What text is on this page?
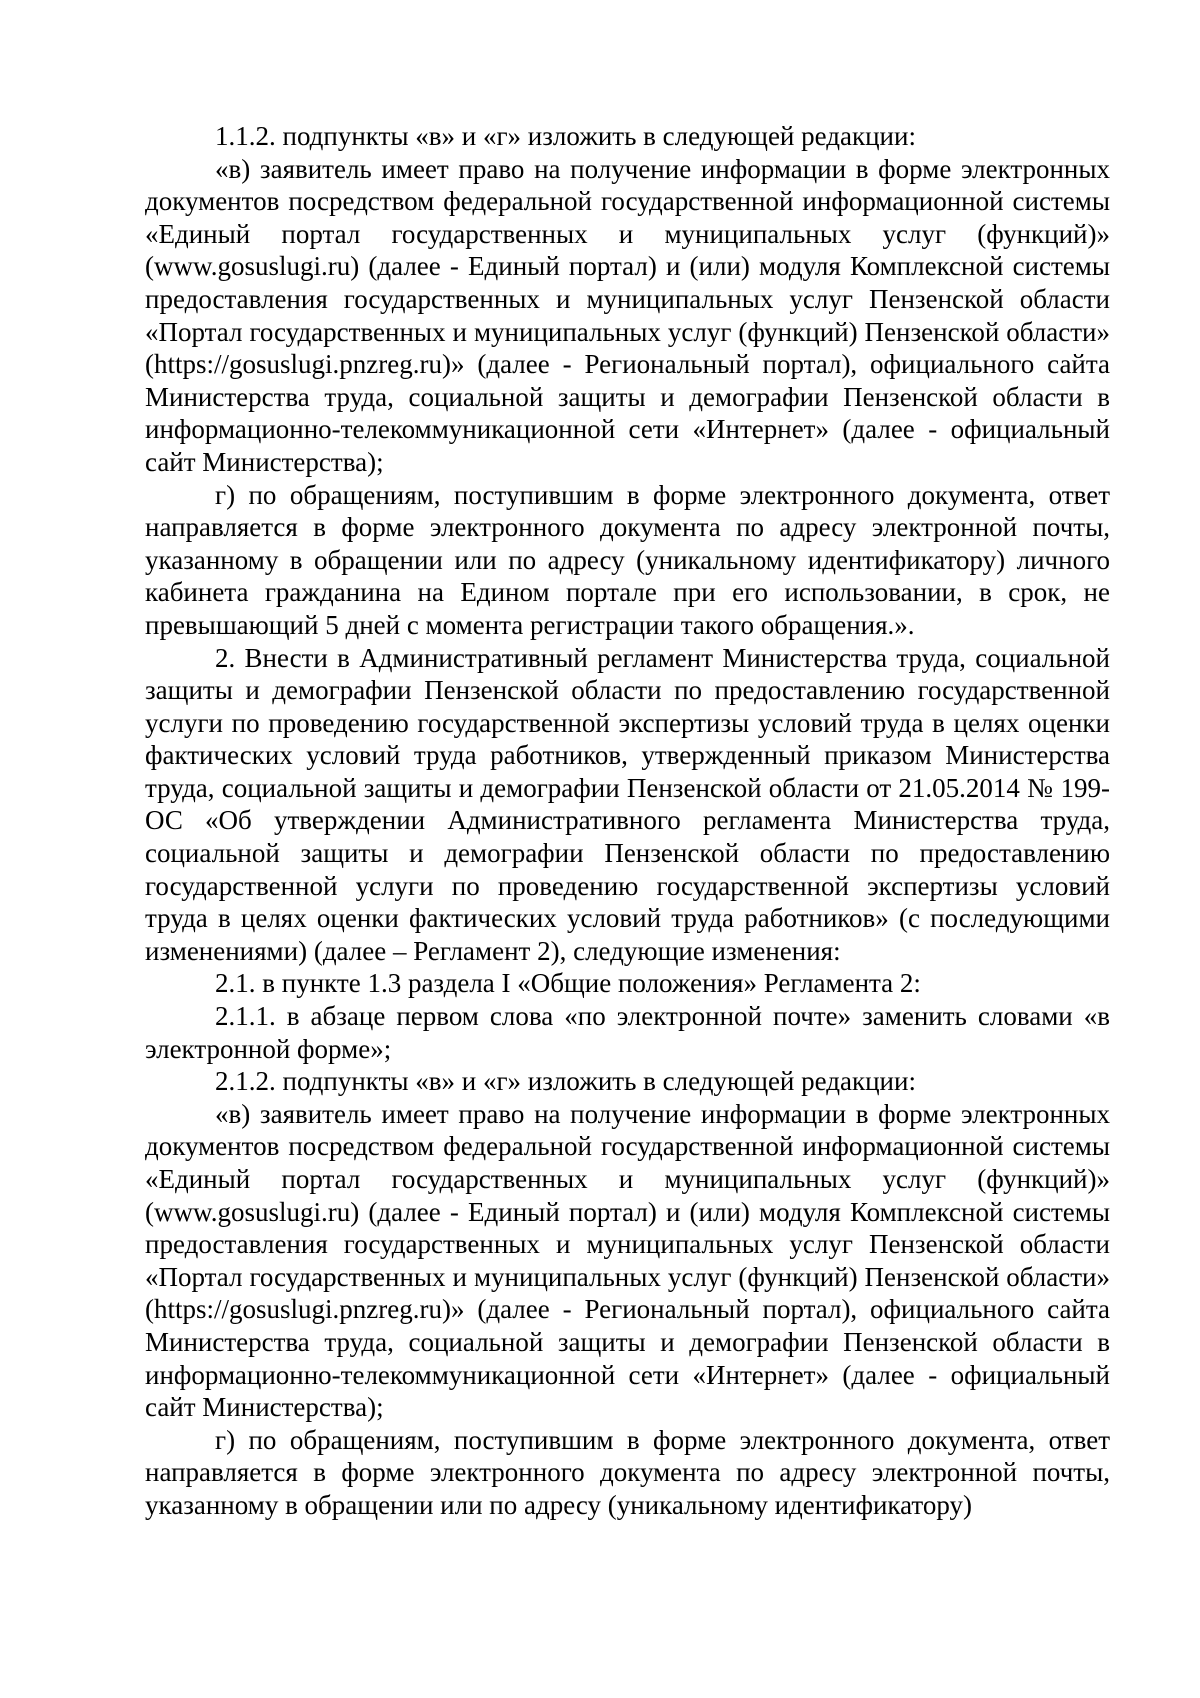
1.1.2. подпункты «в» и «г» изложить в следующей редакции:

«в) заявитель имеет право на получение информации в форме электронных документов посредством федеральной государственной информационной системы «Единый портал государственных и муниципальных услуг (функций)» (www.gosuslugi.ru) (далее - Единый портал) и (или) модуля Комплексной системы предоставления государственных и муниципальных услуг Пензенской области «Портал государственных и муниципальных услуг (функций) Пензенской области» (https://gosuslugi.pnzreg.ru)» (далее - Региональный портал), официального сайта Министерства труда, социальной защиты и демографии Пензенской области в информационно-телекоммуникационной сети «Интернет» (далее - официальный сайт Министерства);

г) по обращениям, поступившим в форме электронного документа, ответ направляется в форме электронного документа по адресу электронной почты, указанному в обращении или по адресу (уникальному идентификатору) личного кабинета гражданина на Едином портале при его использовании, в срок, не превышающий 5 дней с момента регистрации такого обращения.».

2. Внести в Административный регламент Министерства труда, социальной защиты и демографии Пензенской области по предоставлению государственной услуги по проведению государственной экспертизы условий труда в целях оценки фактических условий труда работников, утвержденный приказом Министерства труда, социальной защиты и демографии Пензенской области от 21.05.2014 № 199-ОС «Об утверждении Административного регламента Министерства труда, социальной защиты и демографии Пензенской области по предоставлению государственной услуги по проведению государственной экспертизы условий труда в целях оценки фактических условий труда работников» (с последующими изменениями) (далее – Регламент 2), следующие изменения:

2.1. в пункте 1.3 раздела I «Общие положения» Регламента 2:

2.1.1. в абзаце первом слова «по электронной почте» заменить словами «в электронной форме»;

2.1.2. подпункты «в» и «г» изложить в следующей редакции:

«в) заявитель имеет право на получение информации в форме электронных документов посредством федеральной государственной информационной системы «Единый портал государственных и муниципальных услуг (функций)» (www.gosuslugi.ru) (далее - Единый портал) и (или) модуля Комплексной системы предоставления государственных и муниципальных услуг Пензенской области «Портал государственных и муниципальных услуг (функций) Пензенской области» (https://gosuslugi.pnzreg.ru)» (далее - Региональный портал), официального сайта Министерства труда, социальной защиты и демографии Пензенской области в информационно-телекоммуникационной сети «Интернет» (далее - официальный сайт Министерства);

г) по обращениям, поступившим в форме электронного документа, ответ направляется в форме электронного документа по адресу электронной почты, указанному в обращении или по адресу (уникальному идентификатору)
